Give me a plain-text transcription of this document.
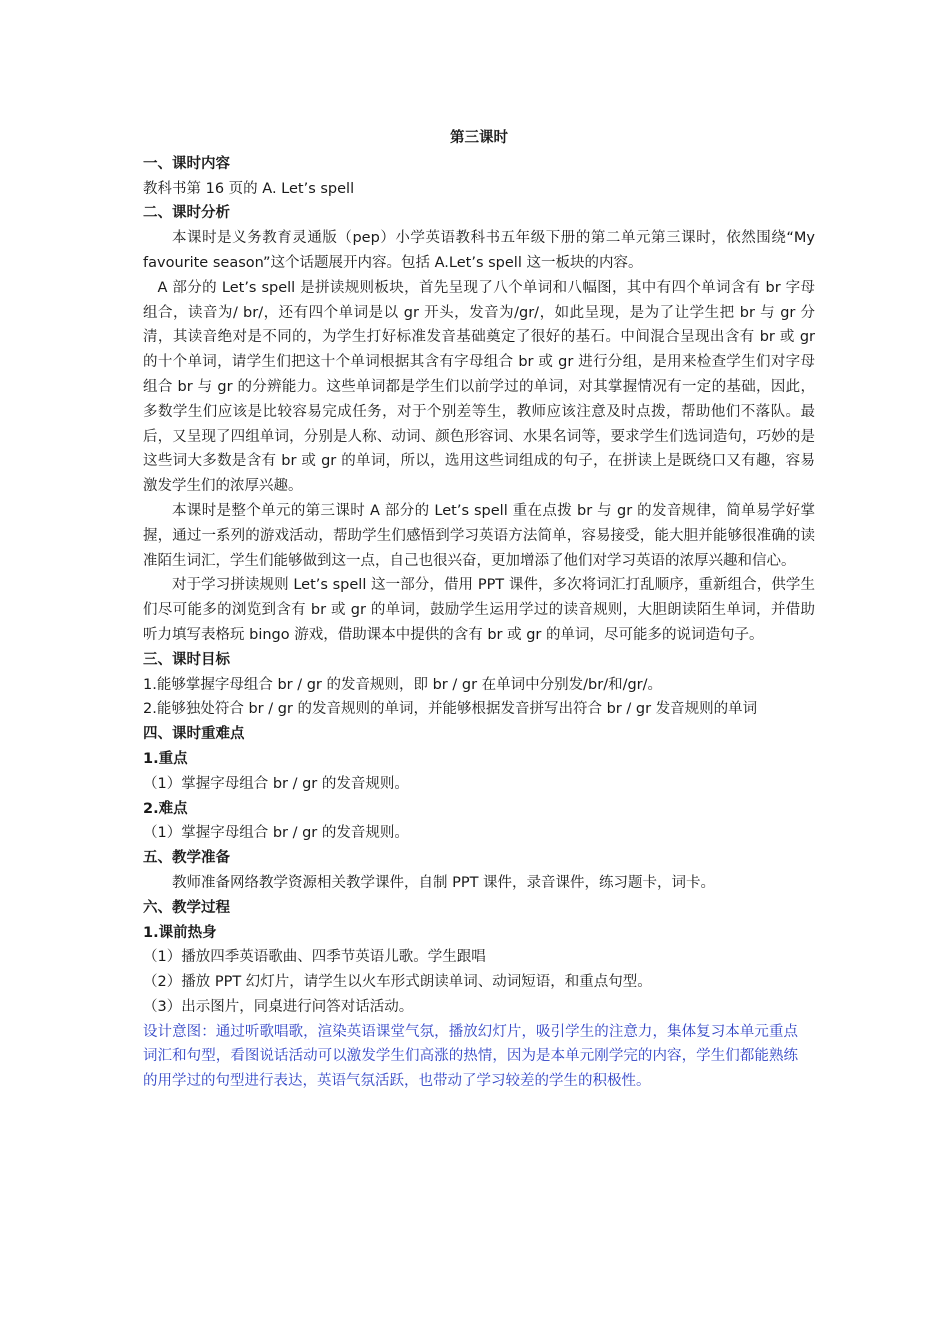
第三课时
一、课时内容
教科书第 16 页的 A. Let’s spell
二、课时分析
本课时是义务教育灵通版（pep）小学英语教科书五年级下册的第二单元第三课时，依然围绕“My favourite season”这个话题展开内容。包括 A.Let’s spell 这一板块的内容。
A 部分的 Let’s spell 是拼读规则板块，首先呈现了八个单词和八幅图，其中有四个单词含有 br 字母组合，读音为/ br/，还有四个单词是以 gr 开头，发音为/gr/，如此呈现，是为了让学生把 br 与 gr 分清，其读音绝对是不同的，为学生打好标准发音基础奠定了很好的基石。中间混合呈现出含有 br 或 gr 的十个单词，请学生们把这十个单词根据其含有字母组合 br 或 gr 进行分组，是用来检查学生们对字母组合 br 与 gr 的分辨能力。这些单词都是学生们以前学过的单词，对其掌握情况有一定的基础，因此，多数学生们应该是比较容易完成任务，对于个别差等生，教师应该注意及时点拨，帮助他们不落队。最后，又呈现了四组单词，分别是人称、动词、颜色形容词、水果名词等，要求学生们选词造句，巧妙的是这些词大多数是含有 br 或 gr 的单词，所以，选用这些词组成的句子，在拼读上是既绕口又有趣，容易激发学生们的浓厚兴趣。
本课时是整个单元的第三课时 A 部分的 Let’s spell 重在点拨 br 与 gr 的发音规律，简单易学好掌握，通过一系列的游戏活动，帮助学生们感悟到学习英语方法简单，容易接受，能大胆并能够很准确的读准陌生词汇，学生们能够做到这一点，自己也很兴奋，更加增添了他们对学习英语的浓厚兴趣和信心。
对于学习拼读规则 Let’s spell 这一部分，借用 PPT 课件，多次将词汇打乱顺序，重新组合，供学生们尽可能多的浏览到含有 br 或 gr 的单词，鼓励学生运用学过的读音规则，大胆朗读陌生单词，并借助听力填写表格玩 bingo 游戏，借助课本中提供的含有 br 或 gr 的单词，尽可能多的说词造句子。
三、课时目标
1.能够掌握字母组合 br / gr 的发音规则，即 br / gr 在单词中分别发/br/和/gr/。
2.能够独处符合 br / gr 的发音规则的单词，并能够根据发音拼写出符合 br / gr 发音规则的单词
四、课时重难点
1.重点
（1）掌握字母组合 br / gr 的发音规则。
2.难点
（1）掌握字母组合 br / gr 的发音规则。
五、教学准备
教师准备网络教学资源相关教学课件，自制 PPT 课件，录音课件，练习题卡，词卡。
六、教学过程
1.课前热身
（1）播放四季英语歌曲、四季节英语儿歌。学生跟唱
（2）播放 PPT 幻灯片，请学生以火车形式朗读单词、动词短语，和重点句型。
（3）出示图片，同桌进行问答对话活动。
设计意图：通过听歌唱歌，渲染英语课堂气氛，播放幻灯片，吸引学生的注意力，集体复习本单元重点词汇和句型，看图说话活动可以激发学生们高涨的热情，因为是本单元刚学完的内容，学生们都能熟练的用学过的句型进行表达，英语气氛活跃，也带动了学习较差的学生的积极性。
